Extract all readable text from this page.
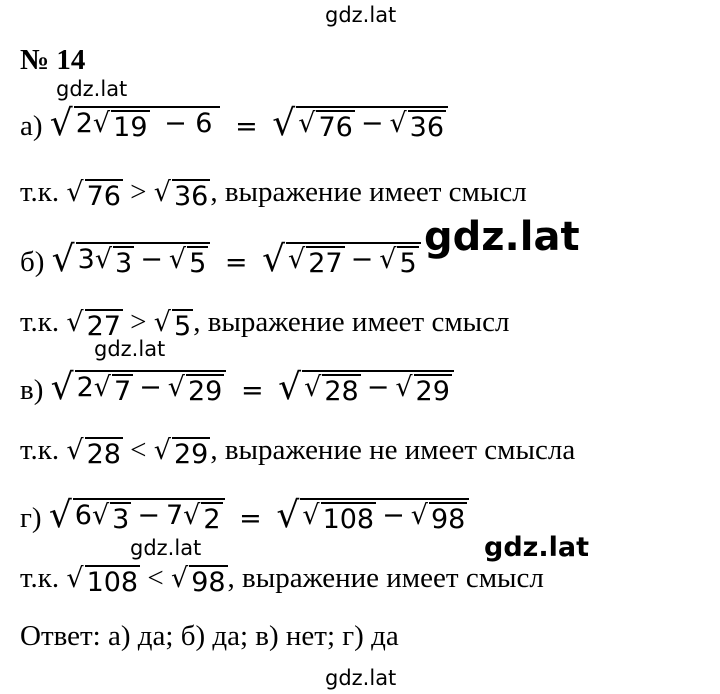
gdz.lat
gdz.lat
gdz.lat
gdz.lat
gdz.lat
gdz.lat
gdz.lat
№ 14
а) √ 2 √ 19 − 6 = √ √ 76 − √ 36
т.к. √ 76 > √ 36 , выражение имеет смысл
б) √ 3 √ 3 − √ 5 = √ √ 27 − √ 5
т.к. √ 27 > √ 5 , выражение имеет смысл
в) √ 2 √ 7 − √ 29 = √ √ 28 − √ 29
т.к. √ 28 < √ 29 , выражение не имеет смысла
г) √ 6 √ 3 − 7 √ 2 = √ √ 108 − √ 98
т.к. √ 108 < √ 98 , выражение имеет смысл
Ответ: а) да; б) да; в) нет; г) да
